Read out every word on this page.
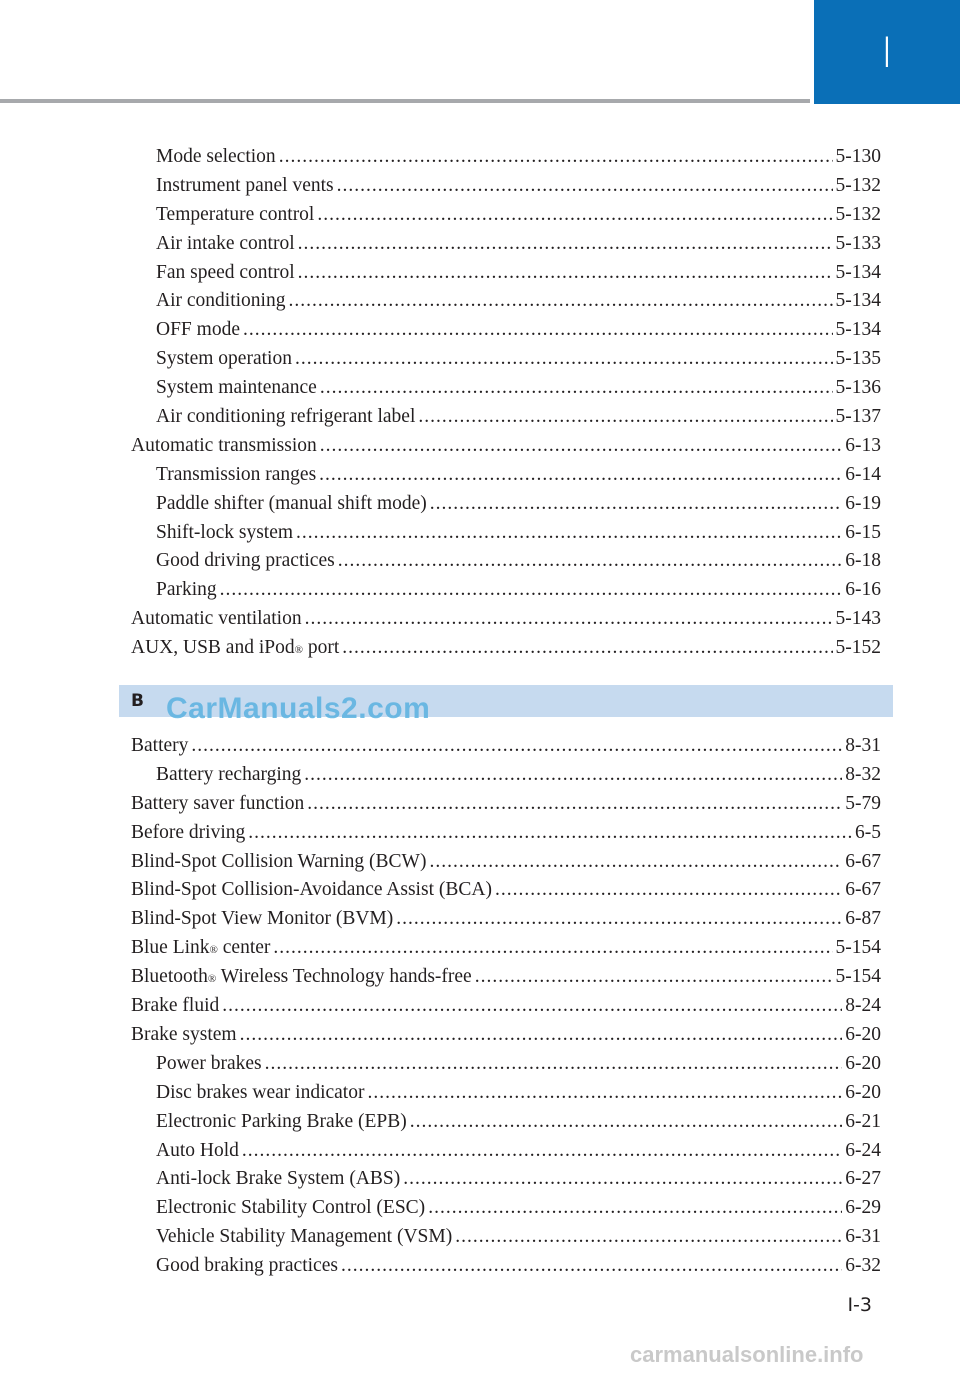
I
Mode selection .....	5-130
Instrument panel vents .....	5-132
Temperature control .....	5-132
Air intake control .....	5-133
Fan speed control .....	5-134
Air conditioning .....	5-134
OFF mode .....	5-134
System operation .....	5-135
System maintenance .....	5-136
Air conditioning refrigerant label .....	5-137
Automatic transmission .....	6-13
Transmission ranges .....	6-14
Paddle shifter (manual shift mode) .....	6-19
Shift-lock system .....	6-15
Good driving practices .....	6-18
Parking .....	6-16
Automatic ventilation .....	5-143
AUX, USB and iPod ® port .....	5-152
B
Battery .....	8-31
Battery recharging .....	8-32
Battery saver function .....	5-79
Before driving .....	6-5
Blind-Spot Collision Warning (BCW) .....	6-67
Blind-Spot Collision-Avoidance Assist (BCA) .....	6-67
Blind-Spot View Monitor (BVM) .....	6-87
Blue Link ® center .....	5-154
Bluetooth ® Wireless Technology hands-free .....	5-154
Brake fluid .....	8-24
Brake system .....	6-20
Power brakes .....	6-20
Disc brakes wear indicator .....	6-20
Electronic Parking Brake (EPB) .....	6-21
Auto Hold .....	6-24
Anti-lock Brake System (ABS) .....	6-27
Electronic Stability Control (ESC) .....	6-29
Vehicle Stability Management (VSM) .....	6-31
Good braking practices .....	6-32
CarManuals2.com
I-3
carmanualsonline.info
